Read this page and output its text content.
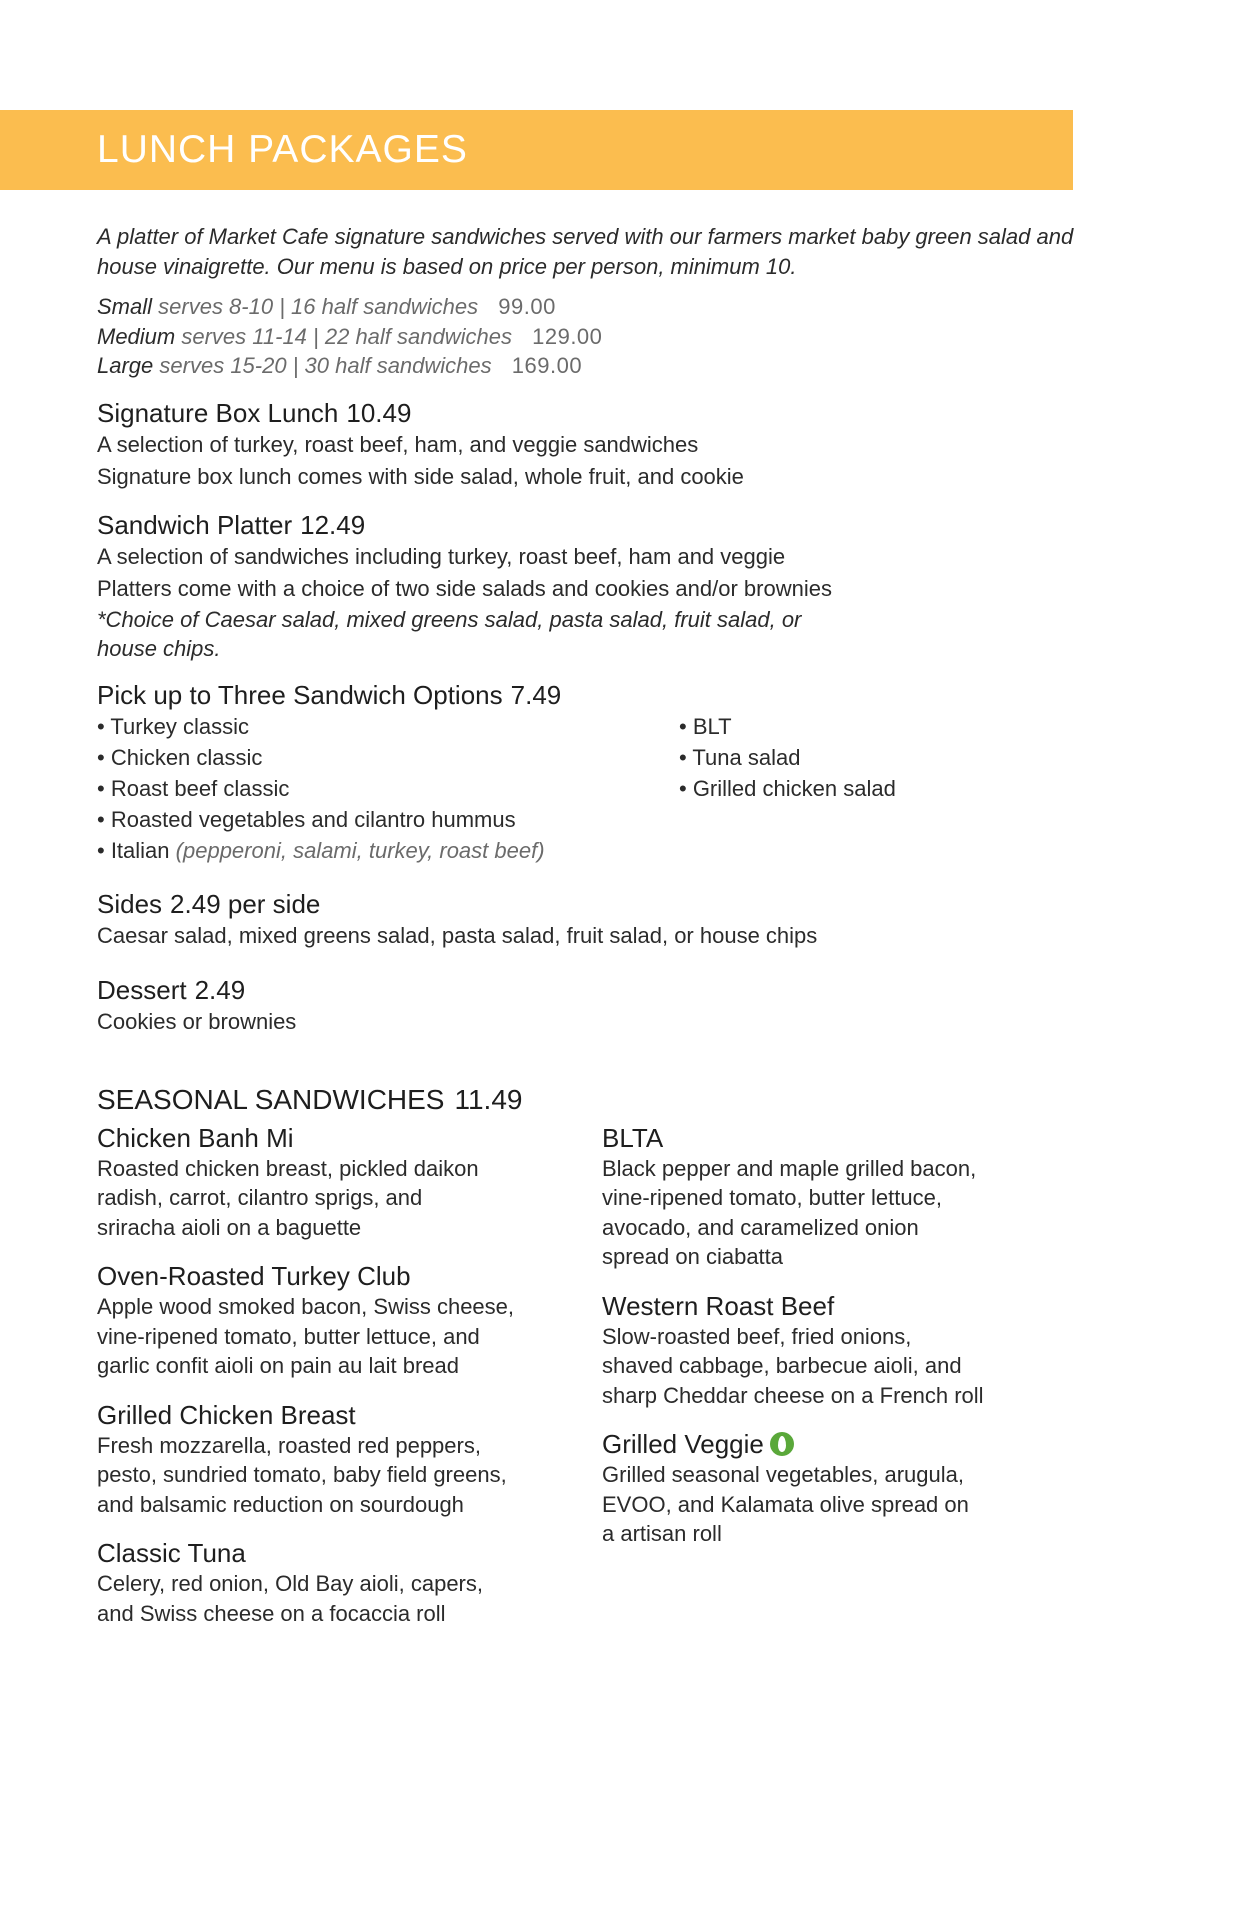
LUNCH PACKAGES

A platter of Market Cafe signature sandwiches served with our farmers market baby green salad and house vinaigrette. Our menu is based on price per person, minimum 10.

Small serves 8-10 | 16 half sandwiches 99.00
Medium serves 11-14 | 22 half sandwiches 129.00
Large serves 15-20 | 30 half sandwiches 169.00
Signature Box Lunch 10.49
A selection of turkey, roast beef, ham, and veggie sandwiches
Signature box lunch comes with side salad, whole fruit, and cookie
Sandwich Platter 12.49
A selection of sandwiches including turkey, roast beef, ham and veggie
Platters come with a choice of two side salads and cookies and/or brownies
*Choice of Caesar salad, mixed greens salad, pasta salad, fruit salad, or
house chips.
Pick up to Three Sandwich Options 7.49
• Turkey classic
• Chicken classic
• Roast beef classic
• Roasted vegetables and cilantro hummus
• Italian (pepperoni, salami, turkey, roast beef)
• BLT
• Tuna salad
• Grilled chicken salad
Sides 2.49 per side
Caesar salad, mixed greens salad, pasta salad, fruit salad, or house chips
Dessert 2.49
Cookies or brownies
SEASONAL SANDWICHES 11.49
Chicken Banh Mi
Roasted chicken breast, pickled daikon
radish, carrot, cilantro sprigs, and
sriracha aioli on a baguette
Oven-Roasted Turkey Club
Apple wood smoked bacon, Swiss cheese,
vine-ripened tomato, butter lettuce, and
garlic confit aioli on pain au lait bread
Grilled Chicken Breast
Fresh mozzarella, roasted red peppers,
pesto, sundried tomato, baby field greens,
and balsamic reduction on sourdough
Classic Tuna
Celery, red onion, Old Bay aioli, capers,
and Swiss cheese on a focaccia roll
BLTA
Black pepper and maple grilled bacon,
vine-ripened tomato, butter lettuce,
avocado, and caramelized onion
spread on ciabatta
Western Roast Beef
Slow-roasted beef, fried onions,
shaved cabbage, barbecue aioli, and
sharp Cheddar cheese on a French roll
Grilled Veggie
Grilled seasonal vegetables, arugula,
EVOO, and Kalamata olive spread on
a artisan roll
